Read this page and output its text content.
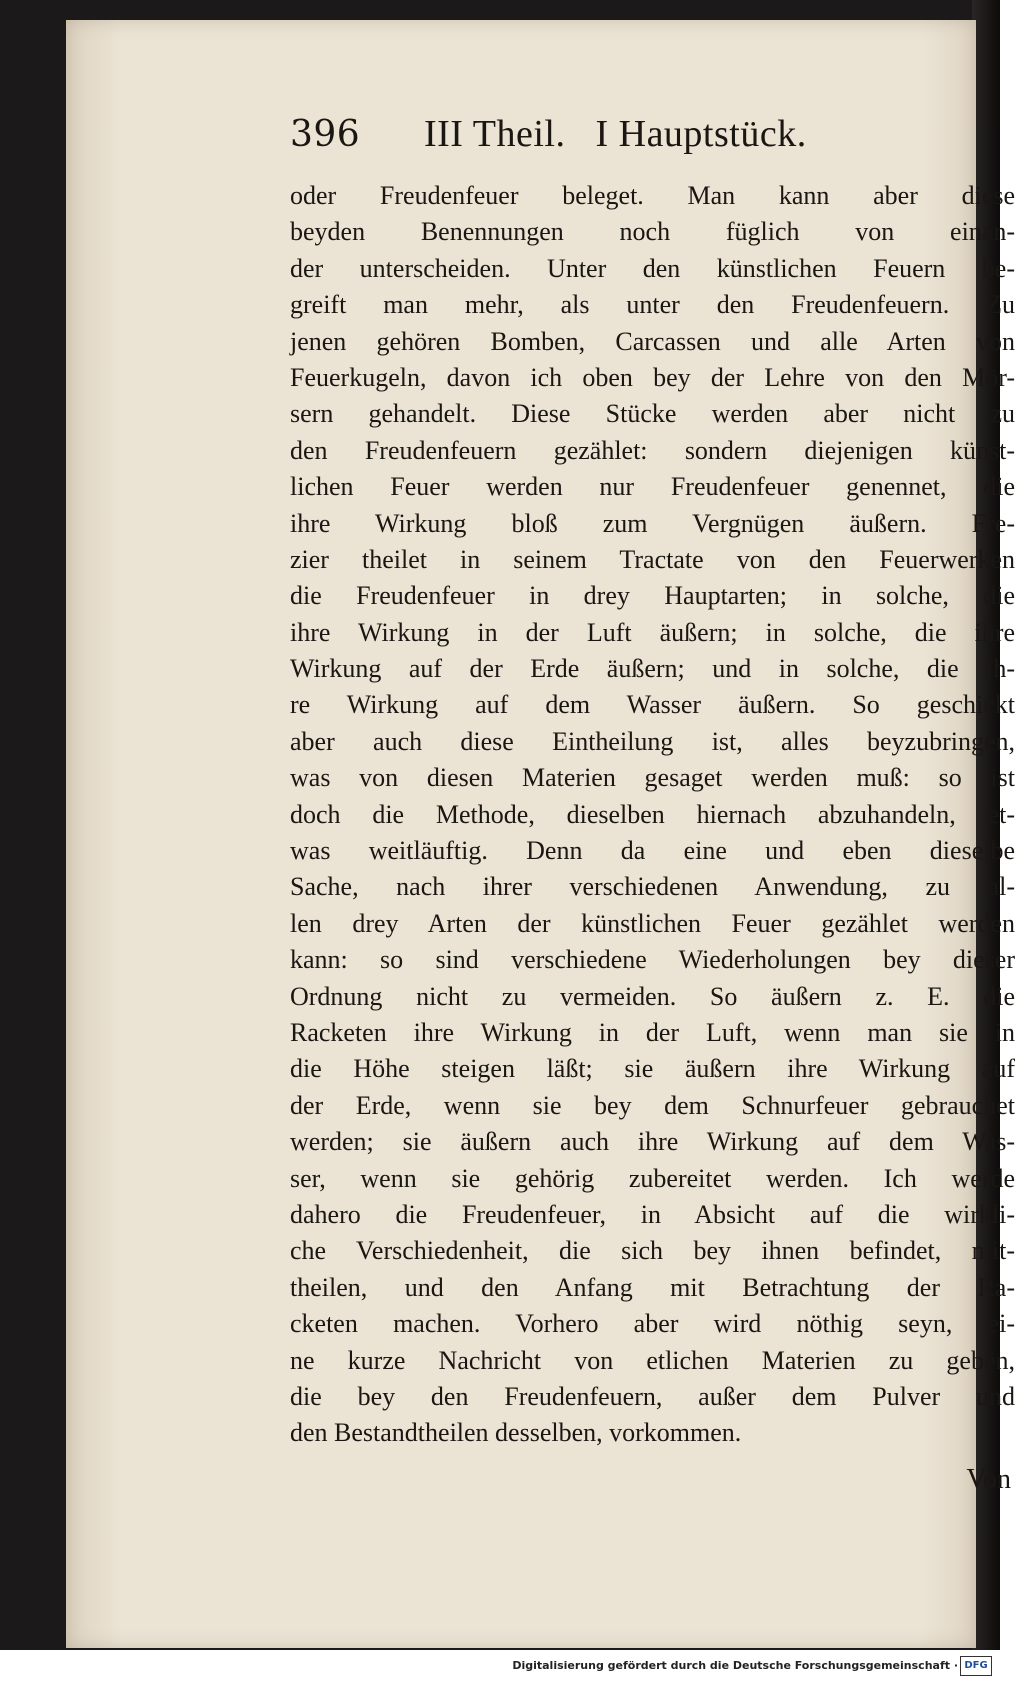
396	III Theil.   I Hauptstück.
oder Freudenfeuer beleget. Man kann aber diese
beyden Benennungen noch füglich von einan-
der unterscheiden. Unter den künstlichen Feuern be-
greift man mehr, als unter den Freudenfeuern. Zu
jenen gehören Bomben, Carcassen und alle Arten von
Feuerkugeln, davon ich oben bey der Lehre von den Mör-
sern gehandelt. Diese Stücke werden aber nicht zu
den Freudenfeuern gezählet: sondern diejenigen künst-
lichen Feuer werden nur Freudenfeuer genennet, die
ihre Wirkung bloß zum Vergnügen äußern. Fre-
zier theilet in seinem Tractate von den Feuerwerken
die Freudenfeuer in drey Hauptarten; in solche, die
ihre Wirkung in der Luft äußern; in solche, die ihre
Wirkung auf der Erde äußern; und in solche, die ih-
re Wirkung auf dem Wasser äußern. So geschickt
aber auch diese Eintheilung ist, alles beyzubringen,
was von diesen Materien gesaget werden muß: so ist
doch die Methode, dieselben hiernach abzuhandeln, et-
was weitläuftig. Denn da eine und eben dieselbe
Sache, nach ihrer verschiedenen Anwendung, zu al-
len drey Arten der künstlichen Feuer gezählet werden
kann: so sind verschiedene Wiederholungen bey dieser
Ordnung nicht zu vermeiden. So äußern z. E. die
Racketen ihre Wirkung in der Luft, wenn man sie in
die Höhe steigen läßt; sie äußern ihre Wirkung auf
der Erde, wenn sie bey dem Schnurfeuer gebrauchet
werden; sie äußern auch ihre Wirkung auf dem Was-
ser, wenn sie gehörig zubereitet werden. Ich werde
dahero die Freudenfeuer, in Absicht auf die wirkli-
che Verschiedenheit, die sich bey ihnen befindet, mit-
theilen, und den Anfang mit Betrachtung der Ra-
cketen machen. Vorhero aber wird nöthig seyn, ei-
ne kurze Nachricht von etlichen Materien zu geben,
die bey den Freudenfeuern, außer dem Pulver und
den Bestandtheilen desselben, vorkommen.
Von
Digitalisierung gefördert durch die Deutsche Forschungsgemeinschaft · DFG
